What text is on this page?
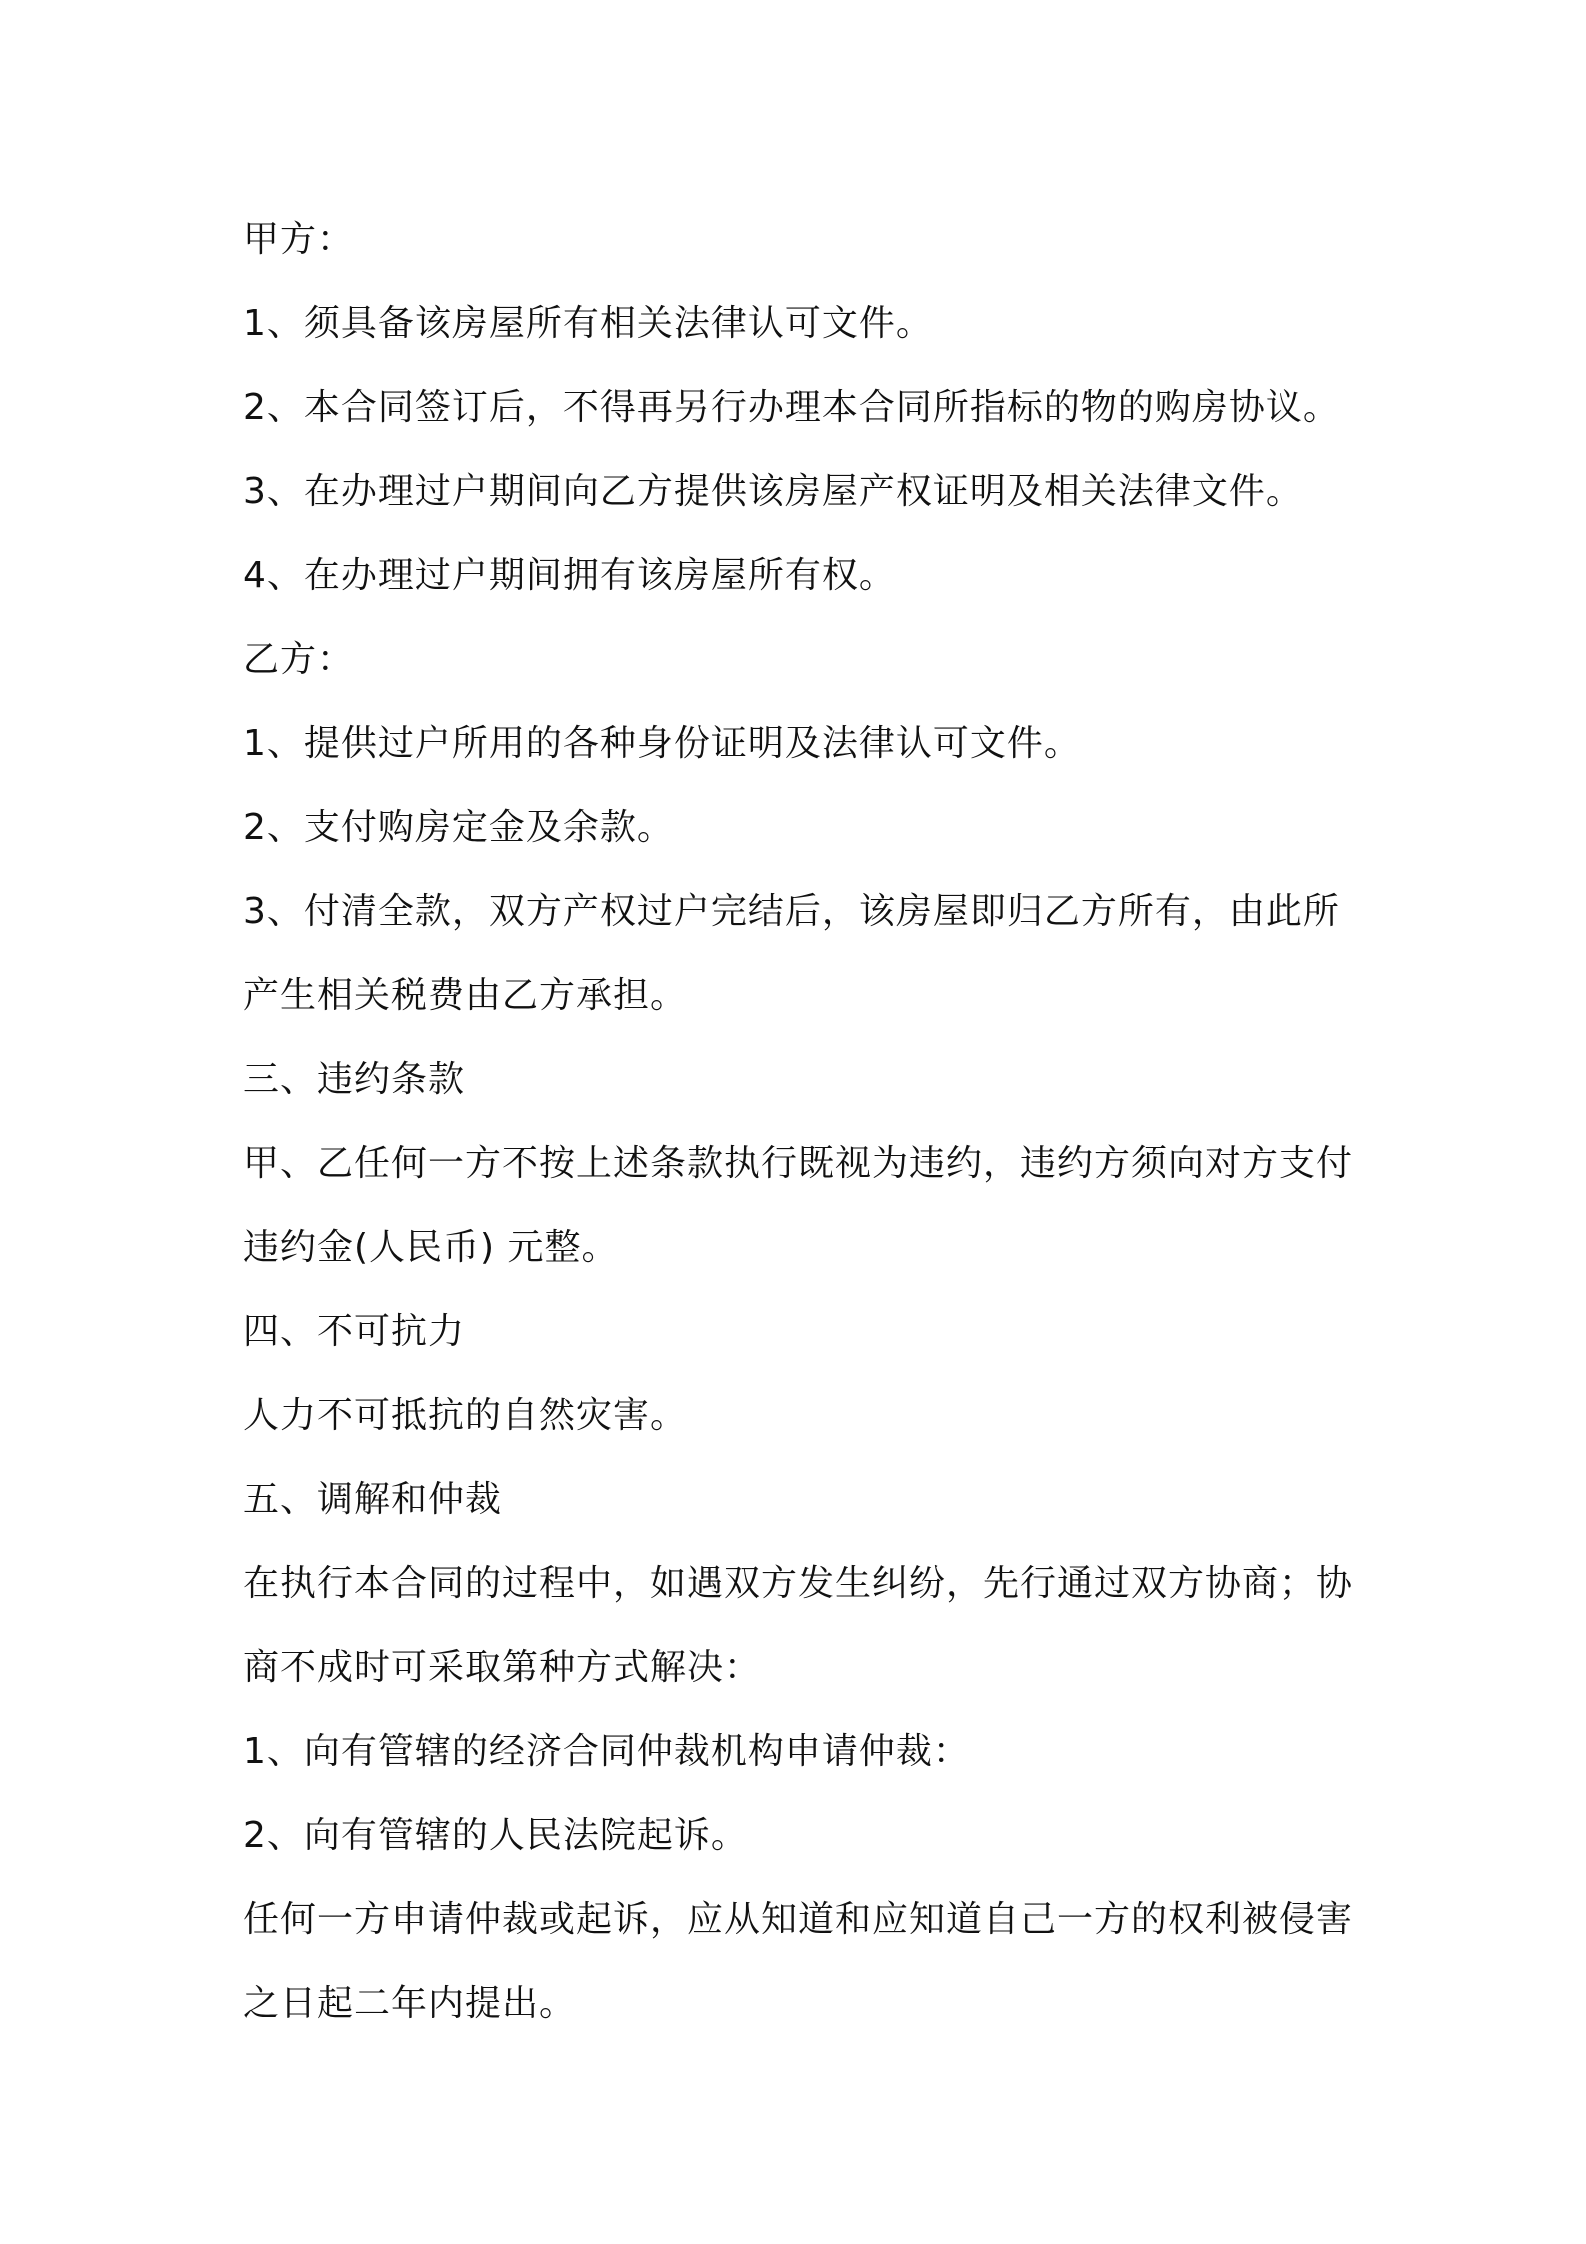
甲方：

1、须具备该房屋所有相关法律认可文件。

2、本合同签订后，不得再另行办理本合同所指标的物的购房协议。

3、在办理过户期间向乙方提供该房屋产权证明及相关法律文件。

4、在办理过户期间拥有该房屋所有权。

乙方：

1、提供过户所用的各种身份证明及法律认可文件。

2、支付购房定金及余款。

3、付清全款，双方产权过户完结后，该房屋即归乙方所有，由此所

产生相关税费由乙方承担。

三、违约条款

甲、乙任何一方不按上述条款执行既视为违约，违约方须向对方支付

违约金(人民币) 元整。

四、不可抗力

人力不可抵抗的自然灾害。

五、调解和仲裁

在执行本合同的过程中，如遇双方发生纠纷，先行通过双方协商；协

商不成时可采取第种方式解决：

1、向有管辖的经济合同仲裁机构申请仲裁：

2、向有管辖的人民法院起诉。

任何一方申请仲裁或起诉，应从知道和应知道自己一方的权利被侵害

之日起二年内提出。
